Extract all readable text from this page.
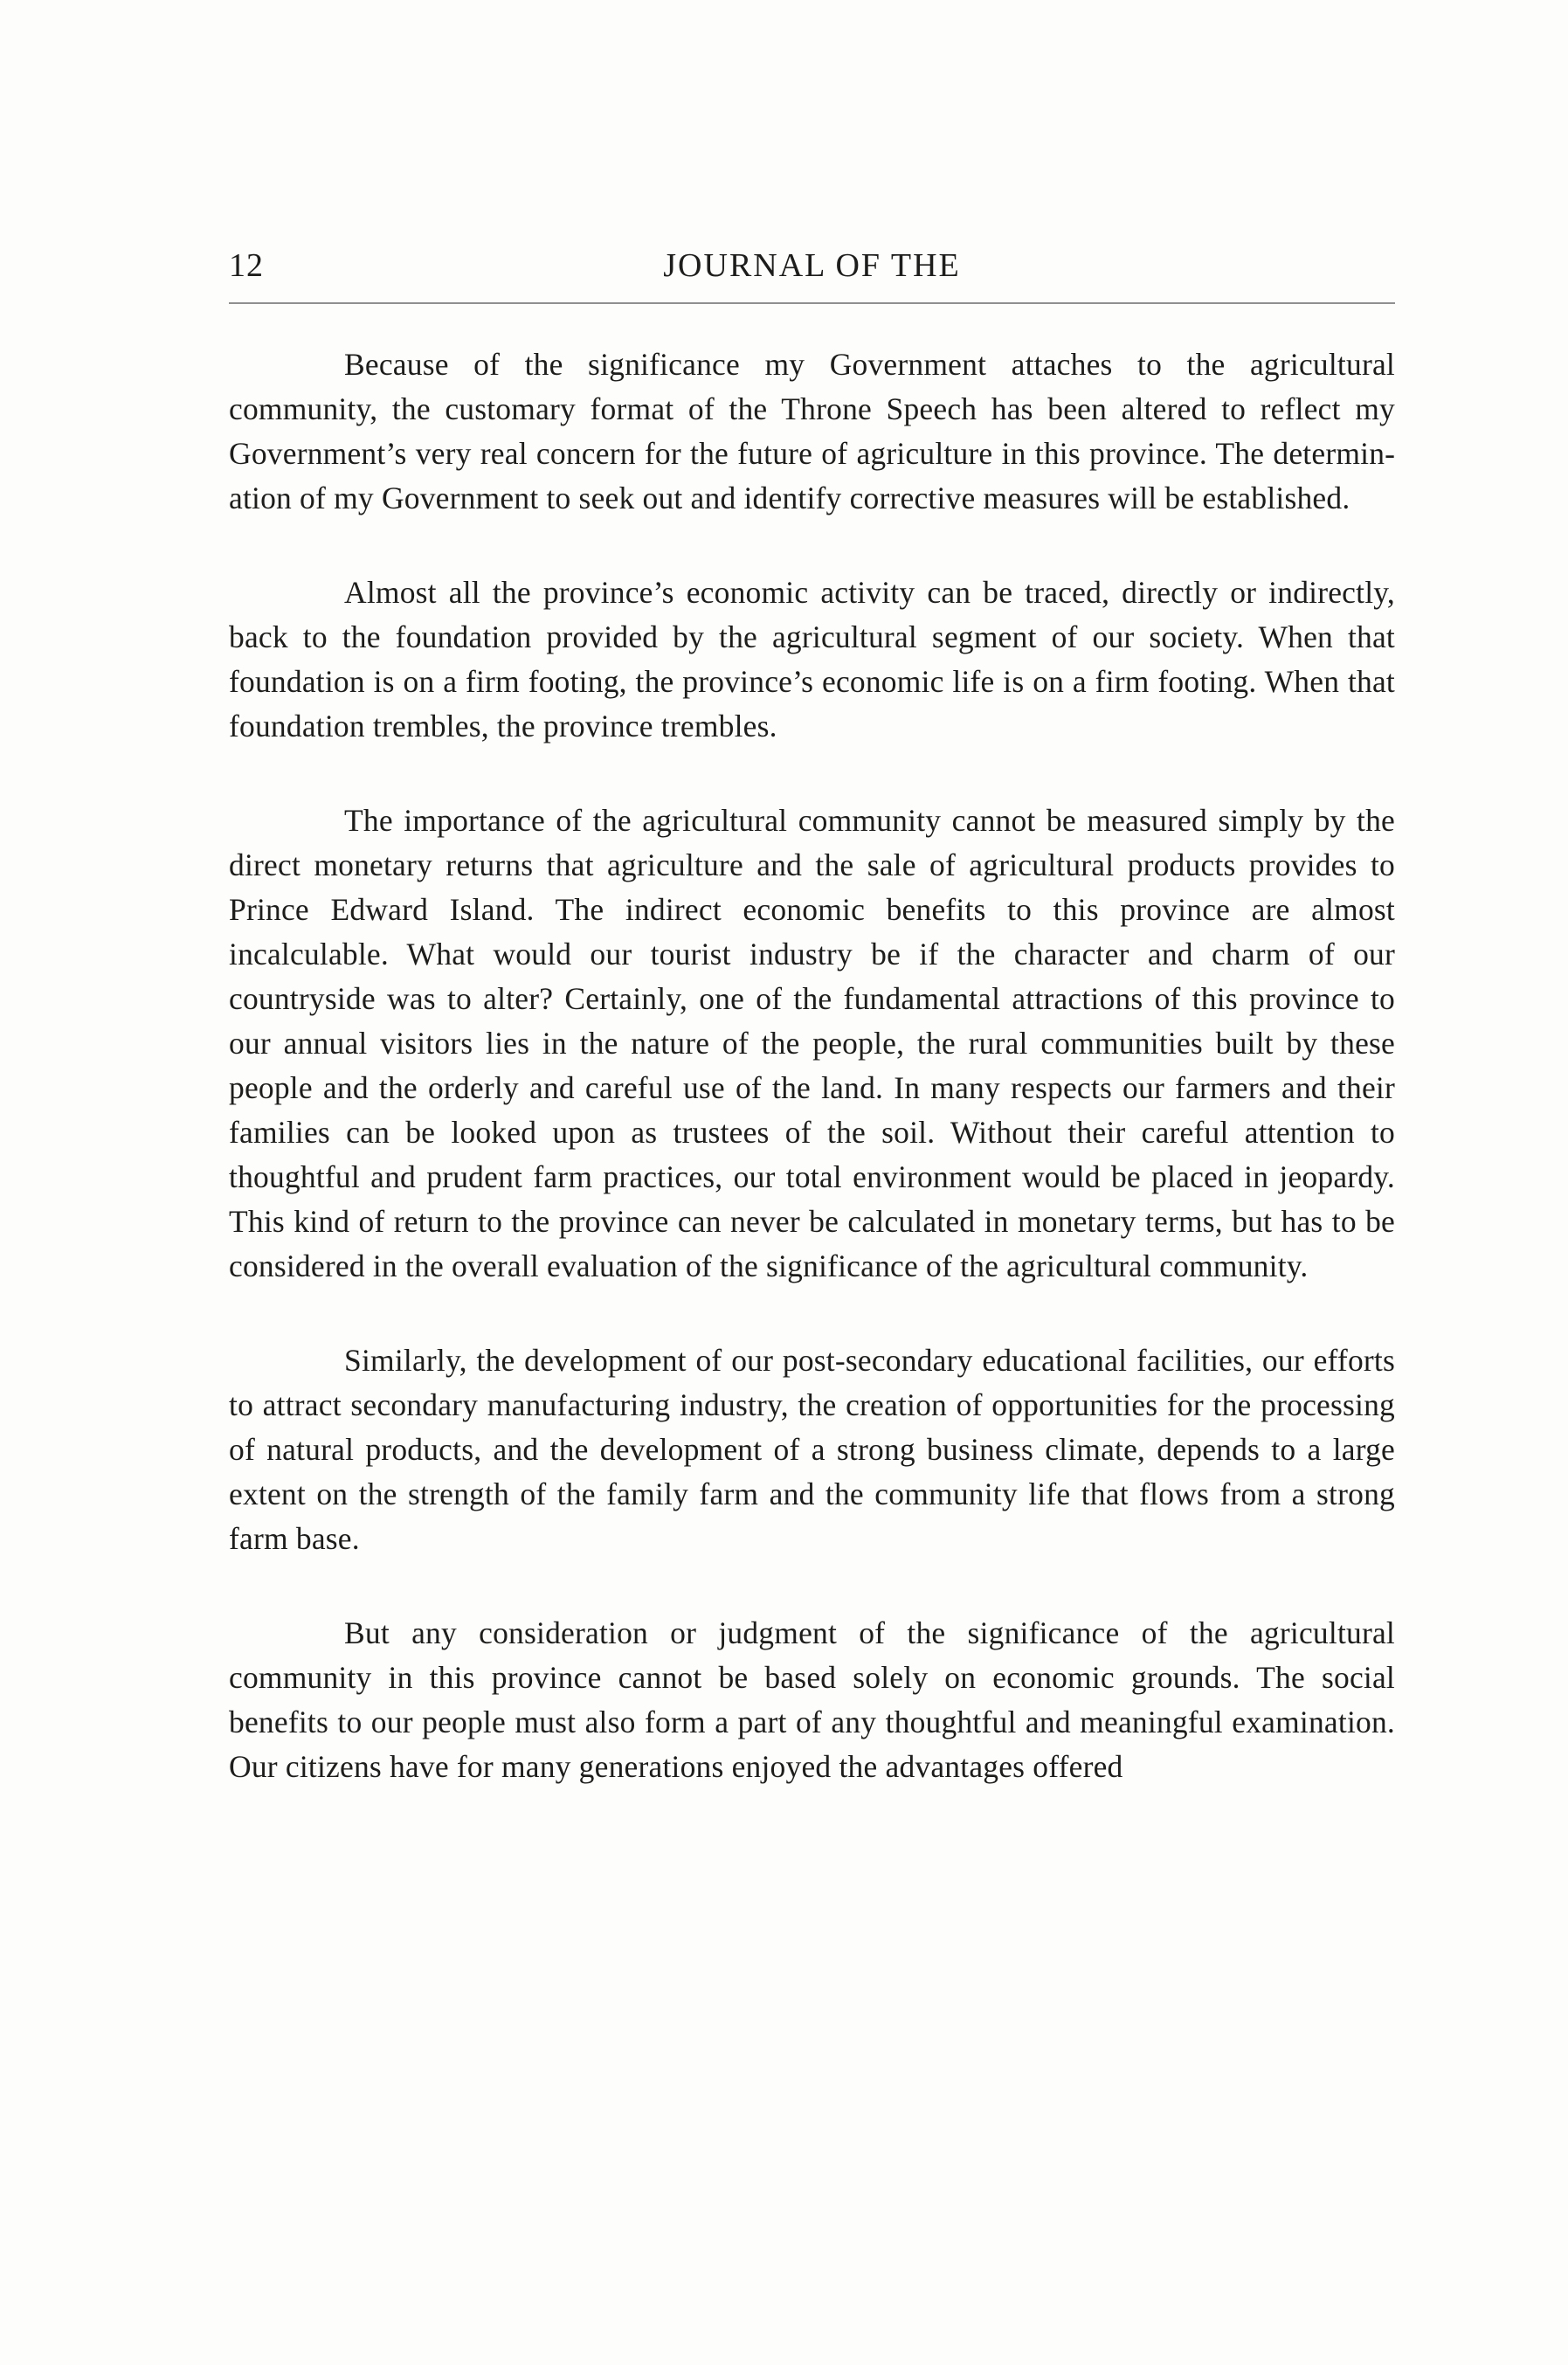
12	JOURNAL OF THE

Because of the significance my Government attaches to the agricultural community, the customary format of the Throne Speech has been altered to reflect my Government’s very real concern for the future of agriculture in this province. The determination of my Government to seek out and identify corrective measures will be established.

Almost all the province’s economic activity can be traced, directly or indirectly, back to the foundation provided by the agricultural segment of our society. When that foundation is on a firm footing, the province’s economic life is on a firm footing. When that foundation trembles, the province trembles.

The importance of the agricultural community cannot be measured simply by the direct monetary returns that agriculture and the sale of agricultural products provides to Prince Edward Island. The indirect economic benefits to this province are almost incalculable. What would our tourist industry be if the character and charm of our countryside was to alter? Certainly, one of the fundamental attractions of this province to our annual visitors lies in the nature of the people, the rural communities built by these people and the orderly and careful use of the land. In many respects our farmers and their families can be looked upon as trustees of the soil. Without their careful attention to thoughtful and prudent farm practices, our total environment would be placed in jeopardy. This kind of return to the province can never be calculated in monetary terms, but has to be considered in the overall evaluation of the significance of the agricultural community.

Similarly, the development of our post-secondary educational facilities, our efforts to attract secondary manufacturing industry, the creation of opportunities for the processing of natural products, and the development of a strong business climate, depends to a large extent on the strength of the family farm and the community life that flows from a strong farm base.

But any consideration or judgment of the significance of the agricultural community in this province cannot be based solely on economic grounds. The social benefits to our people must also form a part of any thoughtful and meaningful examination. Our citizens have for many generations enjoyed the advantages offered
